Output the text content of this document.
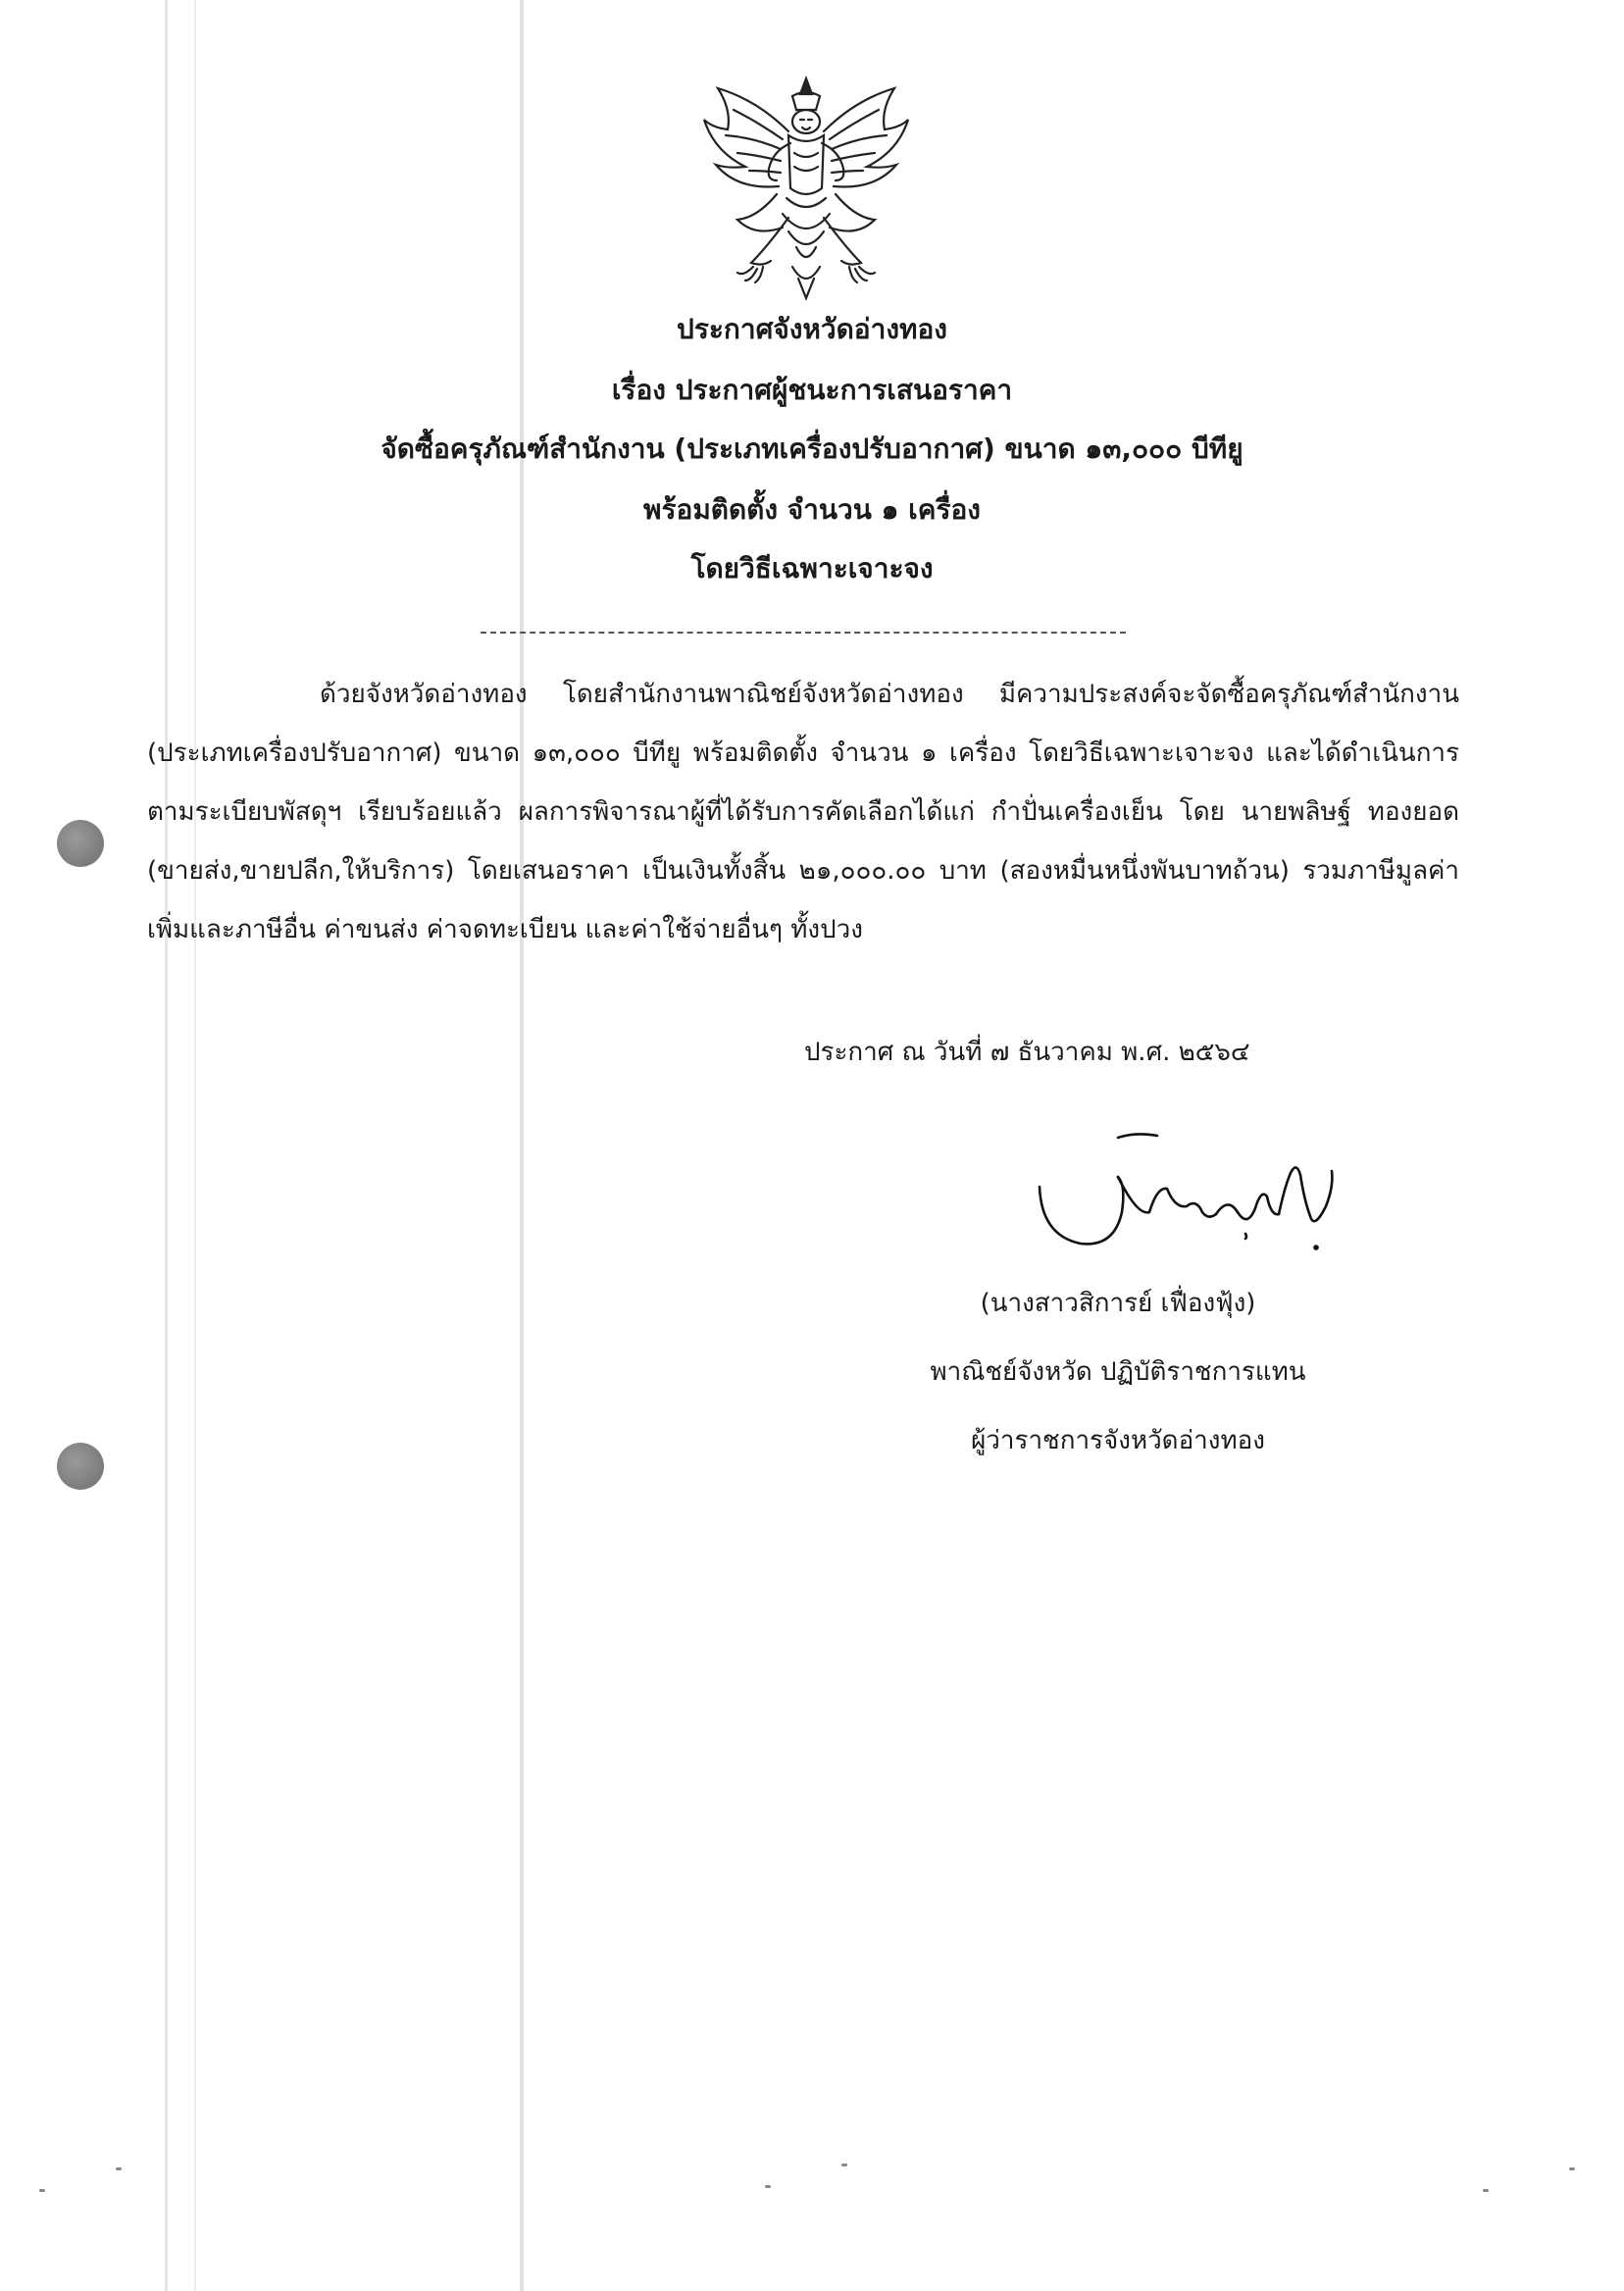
ประกาศจังหวัดอ่างทอง
เรื่อง ประกาศผู้ชนะการเสนอราคา
จัดซื้อครุภัณฑ์สำนักงาน (ประเภทเครื่องปรับอากาศ) ขนาด ๑๓,๐๐๐ บีทียู
พร้อมติดตั้ง จำนวน ๑ เครื่อง
โดยวิธีเฉพาะเจาะจง

ด้วยจังหวัดอ่างทอง โดยสำนักงานพาณิชย์จังหวัดอ่างทอง มีความประสงค์จะจัดซื้อครุภัณฑ์สำนักงาน (ประเภทเครื่องปรับอากาศ) ขนาด ๑๓,๐๐๐ บีทียู พร้อมติดตั้ง จำนวน ๑ เครื่อง โดยวิธีเฉพาะเจาะจง และได้ดำเนินการตามระเบียบพัสดุฯ เรียบร้อยแล้ว ผลการพิจารณาผู้ที่ได้รับการคัดเลือกได้แก่ กำปั่นเครื่องเย็น โดย นายพลิษฐ์ ทองยอด (ขายส่ง,ขายปลีก,ให้บริการ) โดยเสนอราคา เป็นเงินทั้งสิ้น ๒๑,๐๐๐.๐๐ บาท (สองหมื่นหนึ่งพันบาทถ้วน) รวมภาษีมูลค่าเพิ่มและภาษีอื่น ค่าขนส่ง ค่าจดทะเบียน และค่าใช้จ่ายอื่นๆ ทั้งปวง

ประกาศ ณ วันที่ ๗ ธันวาคม พ.ศ. ๒๕๖๔
(นางสาวสิการย์ เฟื่องฟุ้ง)
พาณิชย์จังหวัด ปฏิบัติราชการแทน
ผู้ว่าราชการจังหวัดอ่างทอง
